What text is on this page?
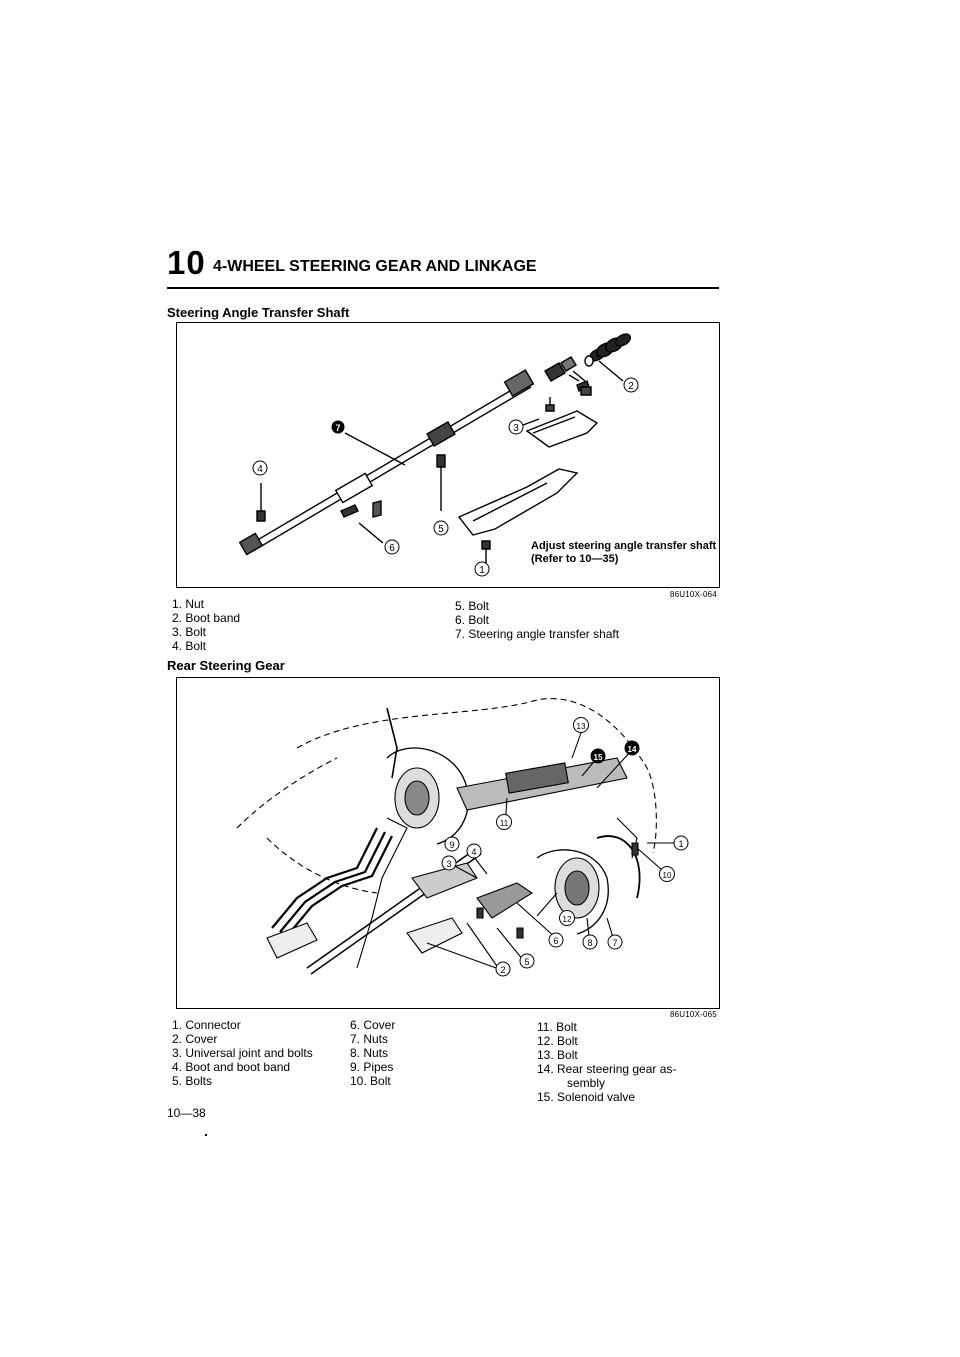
10 4-WHEEL STEERING GEAR AND LINKAGE
Steering Angle Transfer Shaft
7
2
3
4
5
6
1
Adjust steering angle transfer shaft
(Refer to 10—35)
86U10X-064
1. Nut
2. Boot band
3. Bolt
4. Bolt
5. Bolt
6. Bolt
7. Steering angle transfer shaft
Rear Steering Gear
15
14
13
1
10
11
9
4
3
12
6	8 7
5
2
86U10X-065
1. Connector
2. Cover
3. Universal joint and bolts
4. Boot and boot band
5. Bolts
6. Cover
7. Nuts
8. Nuts
9. Pipes
10. Bolt
11. Bolt
12. Bolt
13. Bolt
14. Rear steering gear as-
sembly
15. Solenoid valve
10—38
